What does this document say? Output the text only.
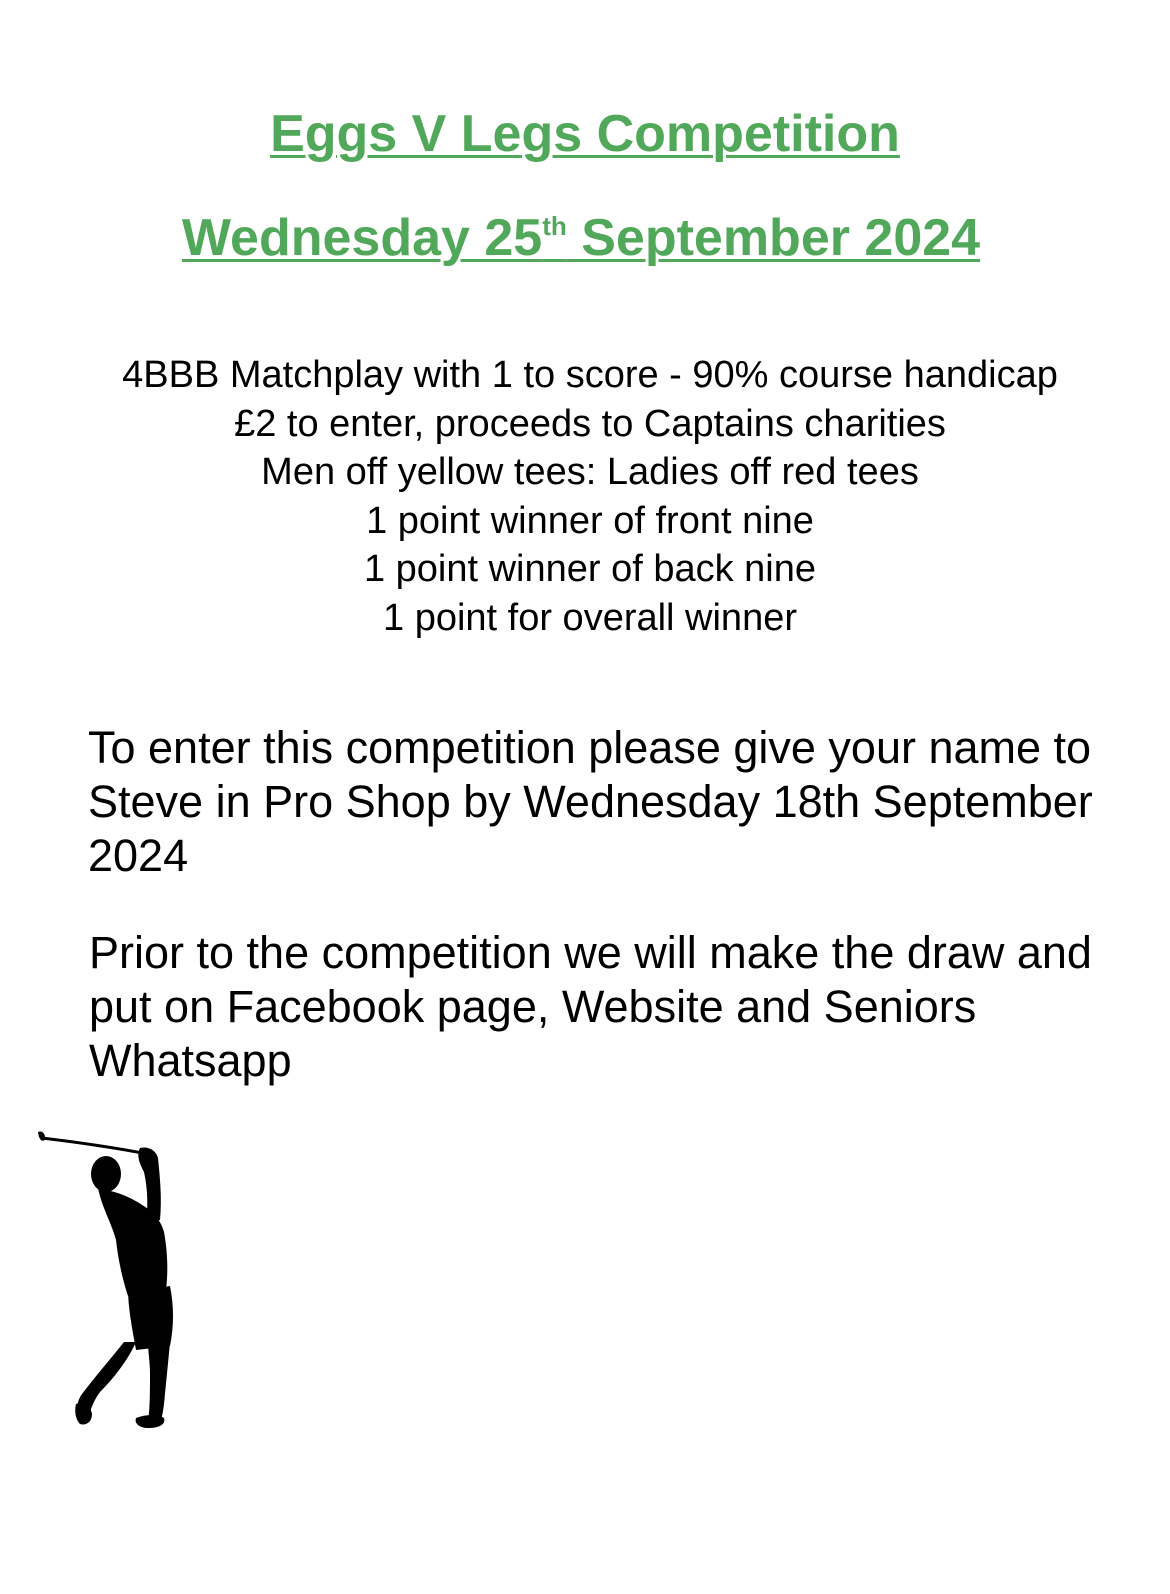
Eggs V Legs Competition
Wednesday 25th September 2024
4BBB Matchplay with 1 to score - 90% course handicap
£2 to enter, proceeds to Captains charities
Men off yellow tees: Ladies off red tees
1 point winner of front nine
1 point winner of back nine
1 point for overall winner

To enter this competition please give your name to Steve in Pro Shop by Wednesday 18th September 2024

Prior to the competition we will make the draw and put on Facebook page, Website and Seniors Whatsapp
